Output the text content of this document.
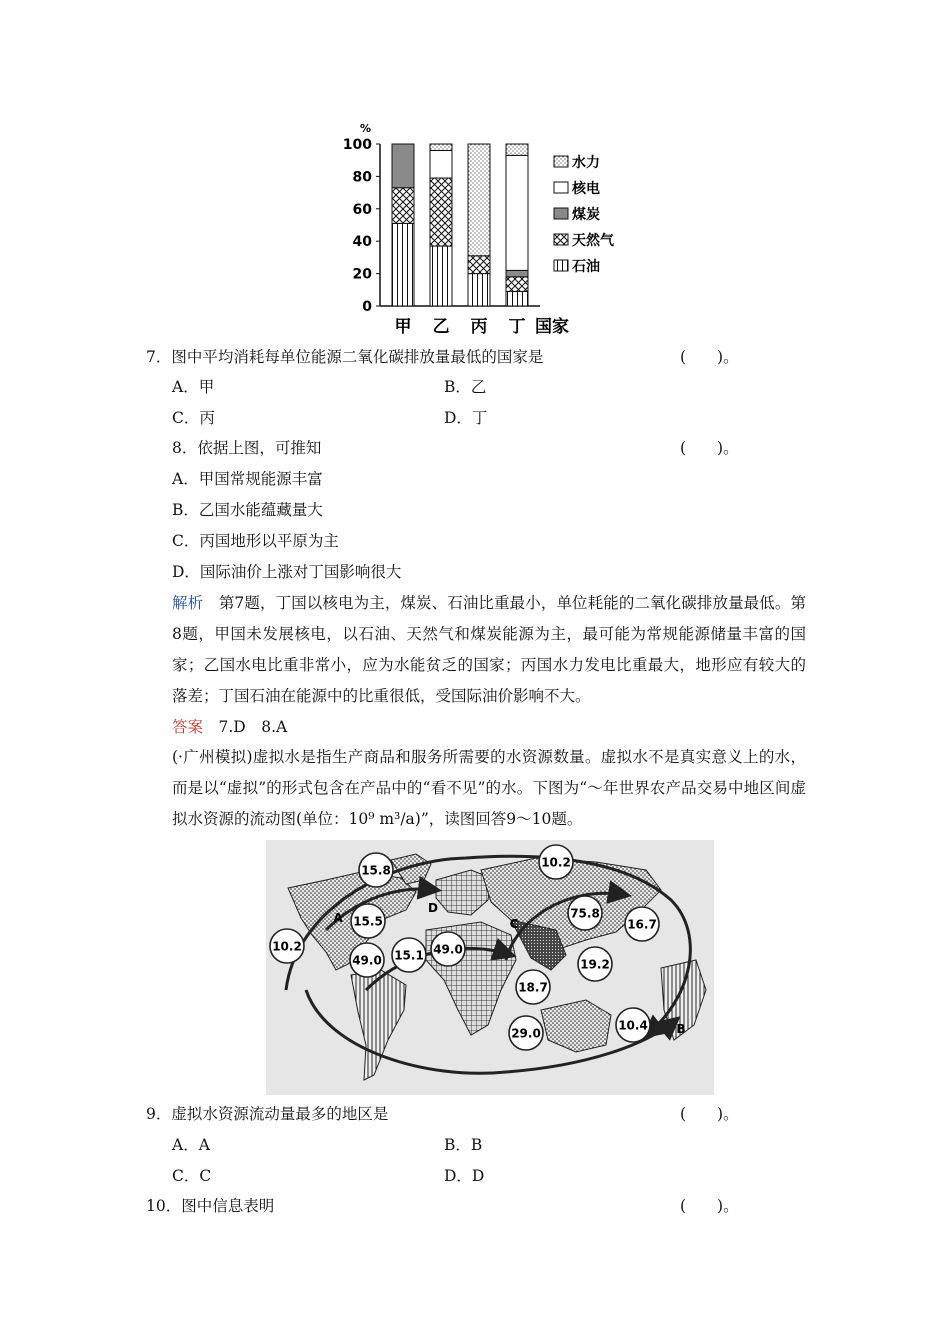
%
0
20
40
60
80
100
甲 乙 丙 丁 国家
水力
核电
煤炭
天然气
石油
7．图中平均消耗每单位能源二氧化碳排放量最低的国家是	(　　)。
A．甲	B．乙
C．丙	D．丁
8．依据上图，可推知	(　　)。
A．甲国常规能源丰富
B．乙国水能蕴藏量大
C．丙国地形以平原为主
D．国际油价上涨对丁国影响很大
解析　第7题，丁国以核电为主，煤炭、石油比重最小，单位耗能的二氧化碳排放量最低。第8题，甲国未发展核电，以石油、天然气和煤炭能源为主，最可能为常规能源储量丰富的国家；乙国水电比重非常小，应为水能贫乏的国家；丙国水力发电比重最大，地形应有较大的落差；丁国石油在能源中的比重很低，受国际油价影响不大。
答案　7.D　8.A
(·广州模拟)虚拟水是指生产商品和服务所需要的水资源数量。虚拟水不是真实意义上的水，而是以“虚拟”的形式包含在产品中的“看不见”的水。下图为“～年世界农产品交易中地区间虚拟水资源的流动图(单位：10⁹ m³/a)”，读图回答9～10题。
15.8
15.5
10.2
49.0 15.1 49.0
10.2
75.8
16.7
18.7
19.2
29.0
10.4
A
B
C
D
9．虚拟水资源流动量最多的地区是	(　　)。
A．A	B．B
C．C	D．D
10．图中信息表明	(　　)。
